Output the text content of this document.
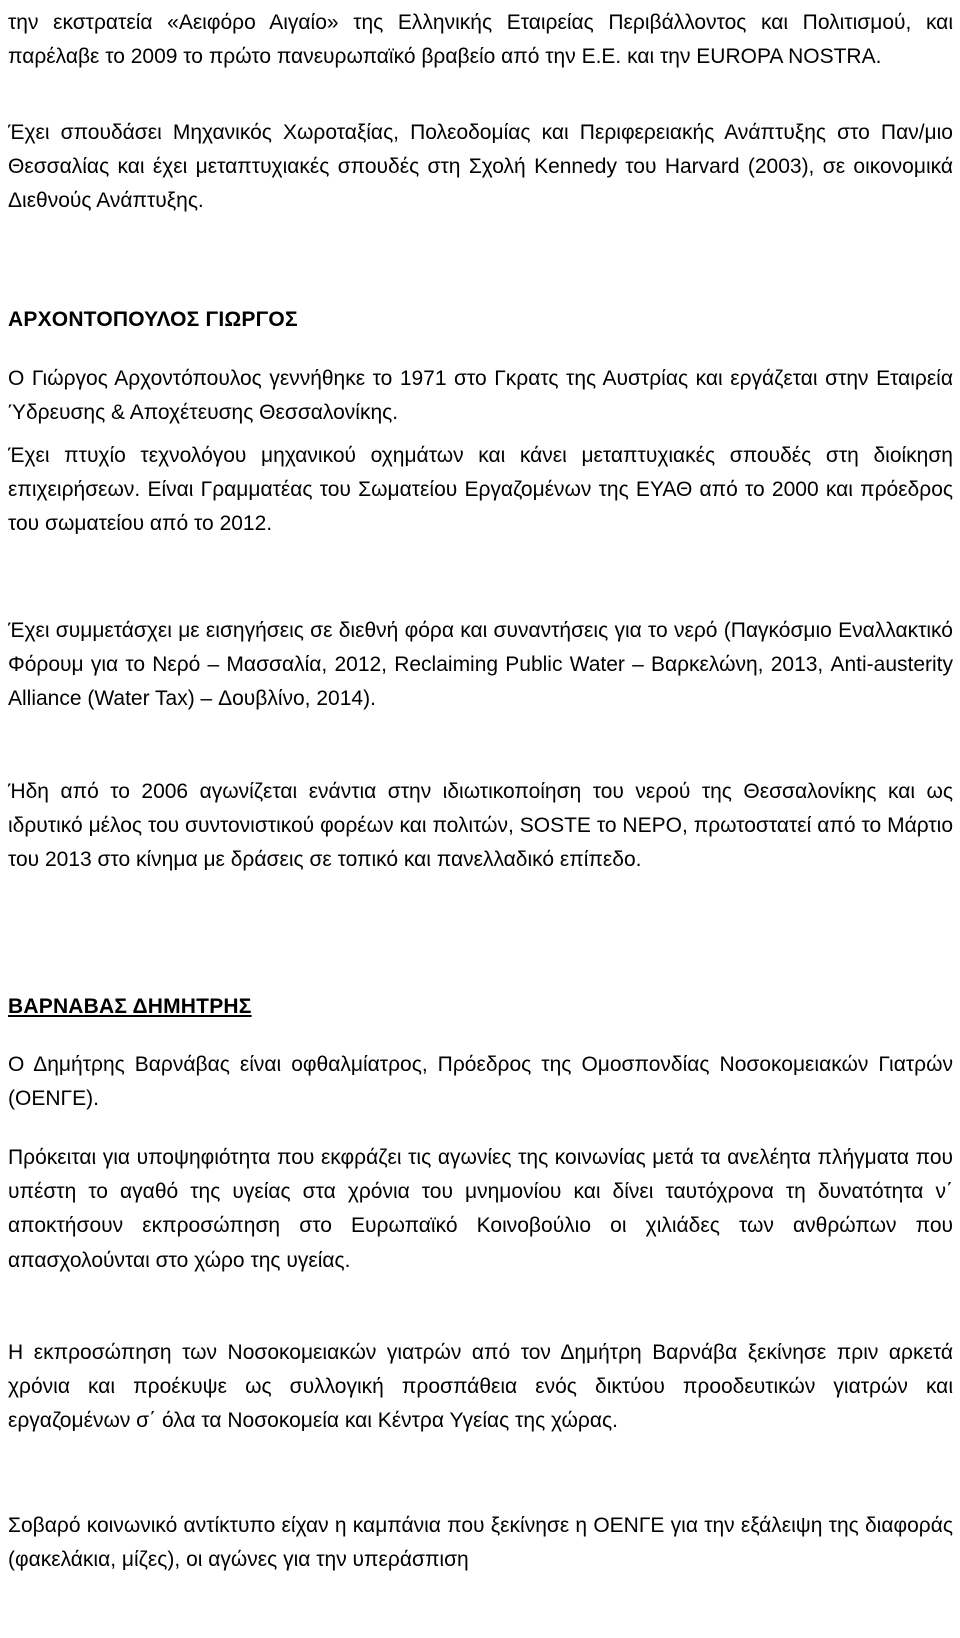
την εκστρατεία «Αειφόρο Αιγαίο» της Ελληνικής Εταιρείας Περιβάλλοντος και Πολιτισμού, και παρέλαβε το 2009 το πρώτο πανευρωπαϊκό βραβείο από την Ε.Ε. και την EUROPA NOSTRA.

Έχει σπουδάσει Μηχανικός Χωροταξίας, Πολεοδομίας και Περιφερειακής Ανάπτυξης στο Παν/μιο Θεσσαλίας και έχει μεταπτυχιακές σπουδές στη Σχολή Kennedy του Harvard (2003), σε οικονομικά Διεθνούς Ανάπτυξης.

ΑΡΧΟΝΤΟΠΟΥΛΟΣ ΓΙΩΡΓΟΣ

Ο Γιώργος Αρχοντόπουλος γεννήθηκε το 1971 στο Γκρατς της Αυστρίας και εργάζεται στην Εταιρεία Ύδρευσης & Αποχέτευσης Θεσσαλονίκης.

Έχει πτυχίο τεχνολόγου μηχανικού οχημάτων και κάνει μεταπτυχιακές σπουδές στη διοίκηση επιχειρήσεων. Είναι Γραμματέας του Σωματείου Εργαζομένων της ΕΥΑΘ από το 2000 και πρόεδρος του σωματείου από το 2012.

Έχει συμμετάσχει με εισηγήσεις σε διεθνή φόρα και συναντήσεις για το νερό (Παγκόσμιο Εναλλακτικό Φόρουμ για το Νερό – Μασσαλία, 2012, Reclaiming Public Water – Βαρκελώνη, 2013, Anti-austerity Alliance (Water Tax) – Δουβλίνο, 2014).

Ήδη από το 2006 αγωνίζεται ενάντια στην ιδιωτικοποίηση του νερού της Θεσσαλονίκης και ως ιδρυτικό μέλος του συντονιστικού φορέων και πολιτών, SOSTE το ΝΕΡΟ, πρωτοστατεί από το Μάρτιο του 2013 στο κίνημα με δράσεις σε τοπικό και πανελλαδικό επίπεδο.

ΒΑΡΝΑΒΑΣ ΔΗΜΗΤΡΗΣ

Ο Δημήτρης Βαρνάβας είναι οφθαλμίατρος, Πρόεδρος της Ομοσπονδίας Νοσοκομειακών Γιατρών (ΟΕΝΓΕ).

Πρόκειται για υποψηφιότητα που εκφράζει τις αγωνίες της κοινωνίας μετά τα ανελέητα πλήγματα που υπέστη το αγαθό της υγείας στα χρόνια του μνημονίου και δίνει ταυτόχρονα τη δυνατότητα ν΄ αποκτήσουν εκπροσώπηση στο Ευρωπαϊκό Κοινοβούλιο οι χιλιάδες των ανθρώπων που απασχολούνται στο χώρο της υγείας.

Η εκπροσώπηση των Νοσοκομειακών γιατρών από τον Δημήτρη Βαρνάβα ξεκίνησε πριν αρκετά χρόνια και προέκυψε ως συλλογική προσπάθεια ενός δικτύου προοδευτικών γιατρών και εργαζομένων σ΄ όλα τα Νοσοκομεία και Κέντρα Υγείας της χώρας.

Σοβαρό κοινωνικό αντίκτυπο είχαν η καμπάνια που ξεκίνησε η ΟΕΝΓΕ για την εξάλειψη της διαφοράς (φακελάκια, μίζες), οι αγώνες για την υπεράσπιση
